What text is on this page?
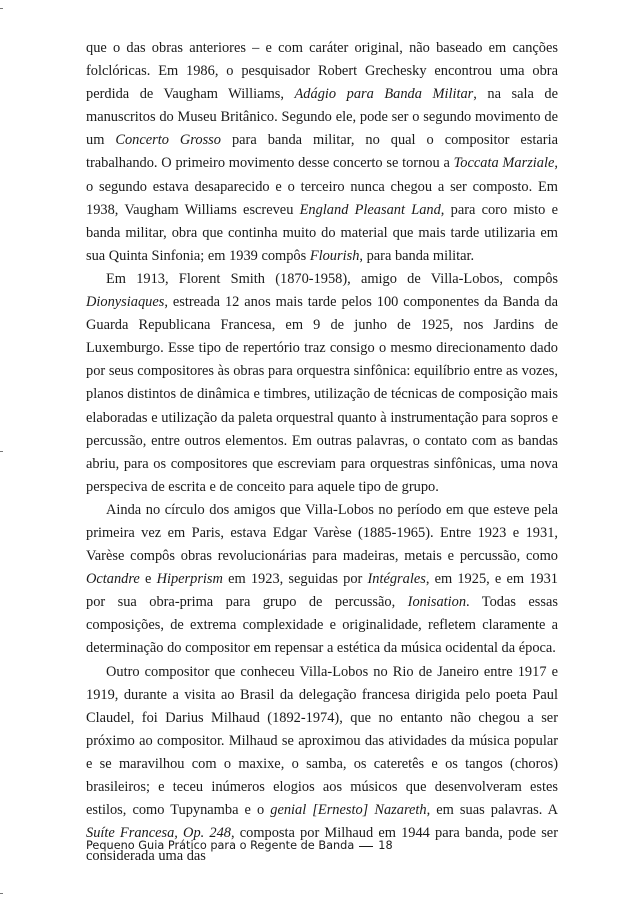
que o das obras anteriores – e com caráter original, não baseado em canções folclóricas. Em 1986, o pesquisador Robert Grechesky encontrou uma obra perdida de Vaugham Williams, Adágio para Banda Militar, na sala de manuscritos do Museu Britânico. Segundo ele, pode ser o segundo movimento de um Concerto Grosso para banda militar, no qual o compositor estaria trabalhando. O primeiro movimento desse concerto se tornou a Toccata Marziale, o segundo estava desaparecido e o terceiro nunca chegou a ser composto. Em 1938, Vaugham Williams escreveu England Pleasant Land, para coro misto e banda militar, obra que continha muito do material que mais tarde utilizaria em sua Quinta Sinfonia; em 1939 compôs Flourish, para banda militar.

Em 1913, Florent Smith (1870-1958), amigo de Villa-Lobos, compôs Dionysiaques, estreada 12 anos mais tarde pelos 100 componentes da Banda da Guarda Republicana Francesa, em 9 de junho de 1925, nos Jardins de Luxemburgo. Esse tipo de repertório traz consigo o mesmo direcionamento dado por seus compositores às obras para orquestra sinfônica: equilíbrio entre as vozes, planos distintos de dinâmica e timbres, utilização de técnicas de composição mais elaboradas e utilização da paleta orquestral quanto à instrumentação para sopros e percussão, entre outros elementos. Em outras palavras, o contato com as bandas abriu, para os compositores que escreviam para orquestras sinfônicas, uma nova perspeciva de escrita e de conceito para aquele tipo de grupo.

Ainda no círculo dos amigos que Villa-Lobos no período em que esteve pela primeira vez em Paris, estava Edgar Varèse (1885-1965). Entre 1923 e 1931, Varèse compôs obras revolucionárias para madeiras, metais e percussão, como Octandre e Hiperprism em 1923, seguidas por Intégrales, em 1925, e em 1931 por sua obra-prima para grupo de percussão, Ionisation. Todas essas composições, de extrema complexidade e originalidade, refletem claramente a determinação do compositor em repensar a estética da música ocidental da época.

Outro compositor que conheceu Villa-Lobos no Rio de Janeiro entre 1917 e 1919, durante a visita ao Brasil da delegação francesa dirigida pelo poeta Paul Claudel, foi Darius Milhaud (1892-1974), que no entanto não chegou a ser próximo ao compositor. Milhaud se aproximou das atividades da música popular e se maravilhou com o maxixe, o samba, os cateretês e os tangos (choros) brasileiros; e teceu inúmeros elogios aos músicos que desenvolveram estes estilos, como Tupynamba e o genial [Ernesto] Nazareth, em suas palavras. A Suíte Francesa, Op. 248, composta por Milhaud em 1944 para banda, pode ser considerada uma das

Pequeno Guia Prático para o Regente de Banda 18
